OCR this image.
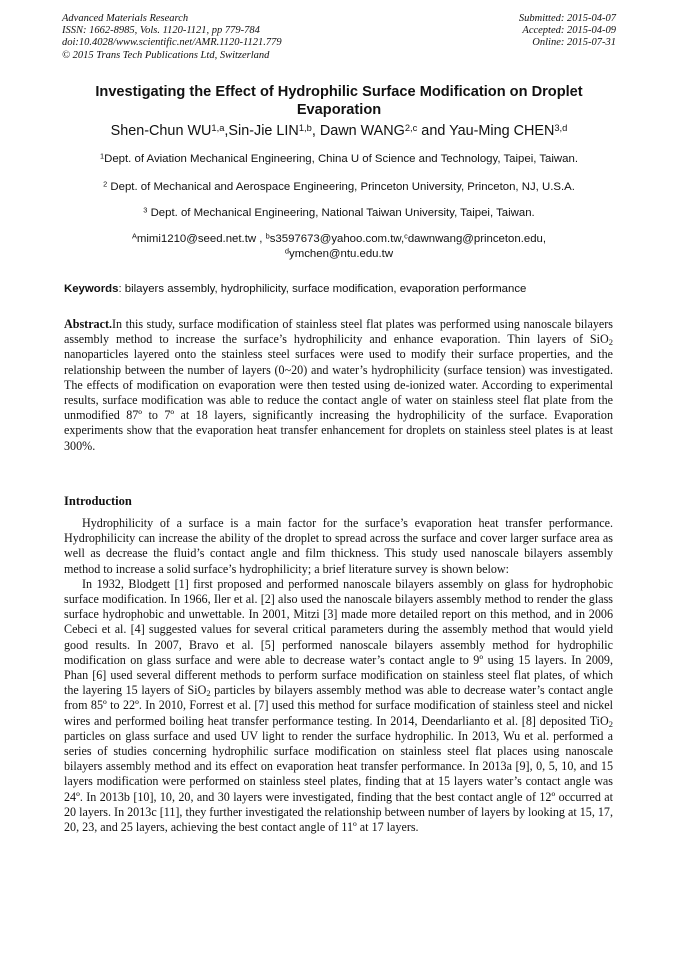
Advanced Materials Research
ISSN: 1662-8985, Vols. 1120-1121, pp 779-784
doi:10.4028/www.scientific.net/AMR.1120-1121.779
© 2015 Trans Tech Publications Ltd, Switzerland
Submitted: 2015-04-07
Accepted: 2015-04-09
Online: 2015-07-31
Investigating the Effect of Hydrophilic Surface Modification on Droplet Evaporation
Shen-Chun WU$^{1,a}$,Sin-Jie LIN$^{1,b}$, Dawn WANG$^{2,c}$ and Yau-Ming CHEN$^{3,d}$
$^1$Dept. of Aviation Mechanical Engineering, China U of Science and Technology, Taipei, Taiwan.
$^2$ Dept. of Mechanical and Aerospace Engineering, Princeton University, Princeton, NJ, U.S.A.
$^3$ Dept. of Mechanical Engineering, National Taiwan University, Taipei, Taiwan.
$^A$mimi1210@seed.net.tw , $^b$s3597673@yahoo.com.tw,$^c$dawnwang@princeton.edu,
$^d$ymchen@ntu.edu.tw
Keywords: bilayers assembly, hydrophilicity, surface modification, evaporation performance

Abstract.In this study, surface modification of stainless steel flat plates was performed using nanoscale bilayers assembly method to increase the surface’s hydrophilicity and enhance evaporation. Thin layers of SiO$_2$ nanoparticles layered onto the stainless steel surfaces were used to modify their surface properties, and the relationship between the number of layers (0~20) and water’s hydrophilicity (surface tension) was investigated. The effects of modification on evaporation were then tested using de-ionized water. According to experimental results, surface modification was able to reduce the contact angle of water on stainless steel flat plate from the unmodified 87º to 7º at 18 layers, significantly increasing the hydrophilicity of the surface. Evaporation experiments show that the evaporation heat transfer enhancement for droplets on stainless steel plates is at least 300%.

Introduction

Hydrophilicity of a surface is a main factor for the surface’s evaporation heat transfer performance. Hydrophilicity can increase the ability of the droplet to spread across the surface and cover larger surface area as well as decrease the fluid’s contact angle and film thickness. This study used nanoscale bilayers assembly method to increase a solid surface’s hydrophilicity; a brief literature survey is shown below:

In 1932, Blodgett [1] first proposed and performed nanoscale bilayers assembly on glass for hydrophobic surface modification. In 1966, Iler et al. [2] also used the nanoscale bilayers assembly method to render the glass surface hydrophobic and unwettable. In 2001, Mitzi [3] made more detailed report on this method, and in 2006 Cebeci et al. [4] suggested values for several critical parameters during the assembly method that would yield good results. In 2007, Bravo et al. [5] performed nanoscale bilayers assembly method for hydrophilic modification on glass surface and were able to decrease water’s contact angle to 9º using 15 layers. In 2009, Phan [6] used several different methods to perform surface modification on stainless steel flat plates, of which the layering 15 layers of SiO$_2$ particles by bilayers assembly method was able to decrease water’s contact angle from 85º to 22º. In 2010, Forrest et al. [7] used this method for surface modification of stainless steel and nickel wires and performed boiling heat transfer performance testing. In 2014, Deendarlianto et al. [8] deposited TiO$_2$ particles on glass surface and used UV light to render the surface hydrophilic. In 2013, Wu et al. performed a series of studies concerning hydrophilic surface modification on stainless steel flat places using nanoscale bilayers assembly method and its effect on evaporation heat transfer performance. In 2013a [9], 0, 5, 10, and 15 layers modification were performed on stainless steel plates, finding that at 15 layers water’s contact angle was 24º. In 2013b [10], 10, 20, and 30 layers were investigated, finding that the best contact angle of 12º occurred at 20 layers. In 2013c [11], they further investigated the relationship between number of layers by looking at 15, 17, 20, 23, and 25 layers, achieving the best contact angle of 11º at 17 layers.
